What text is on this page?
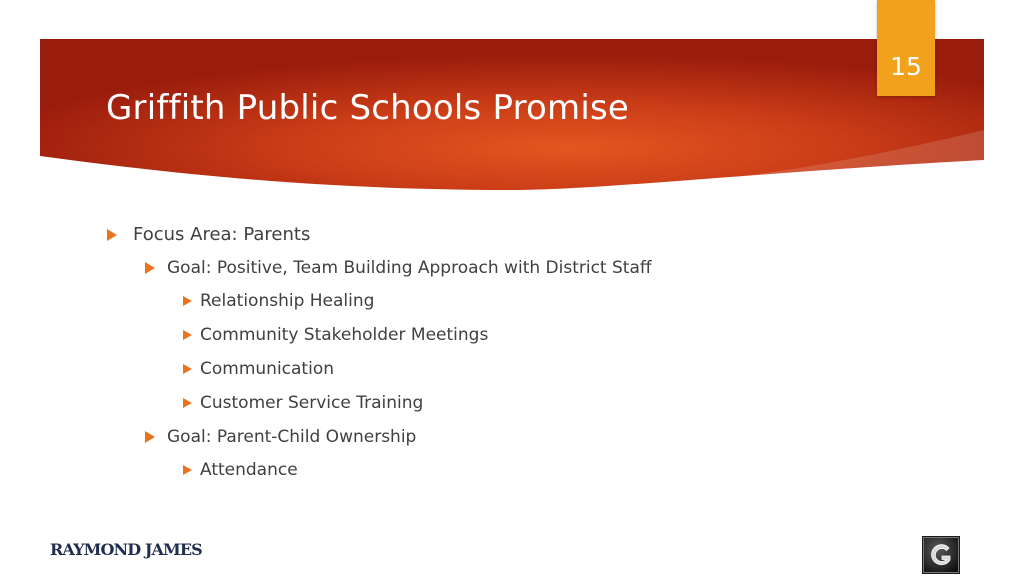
Griffith Public Schools Promise
15
Focus Area: Parents
Goal: Positive, Team Building Approach with District Staff
Relationship Healing
Community Stakeholder Meetings
Communication
Customer Service Training
Goal: Parent-Child Ownership
Attendance
RAYMOND JAMES
